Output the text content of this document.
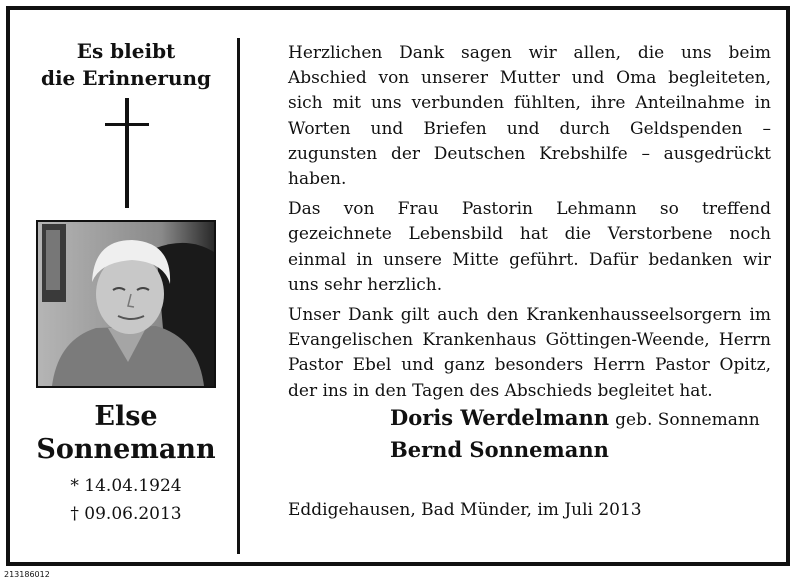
Es bleibt
die Erinnerung
Else
Sonnemann
* 14.04.1924
† 09.06.2013

Herzlichen Dank sagen wir allen, die uns beim Abschied von unserer Mutter und Oma begleiteten, sich mit uns verbunden fühlten, ihre Anteilnahme in Worten und Briefen und durch Geldspenden – zugunsten der Deutschen Krebshilfe – ausgedrückt haben.

Das von Frau Pastorin Lehmann so treffend gezeichnete Lebensbild hat die Verstorbene noch einmal in unsere Mitte geführt. Dafür bedanken wir uns sehr herzlich.

Unser Dank gilt auch den Krankenhausseelsorgern im Evangelischen Krankenhaus Göttingen-Weende, Herrn Pastor Ebel und ganz besonders Herrn Pastor Opitz, der ins in den Tagen des Abschieds begleitet hat.

Doris Werdelmann geb. Sonnemann
Bernd Sonnemann
Eddigehausen, Bad Münder, im Juli 2013
213186012
